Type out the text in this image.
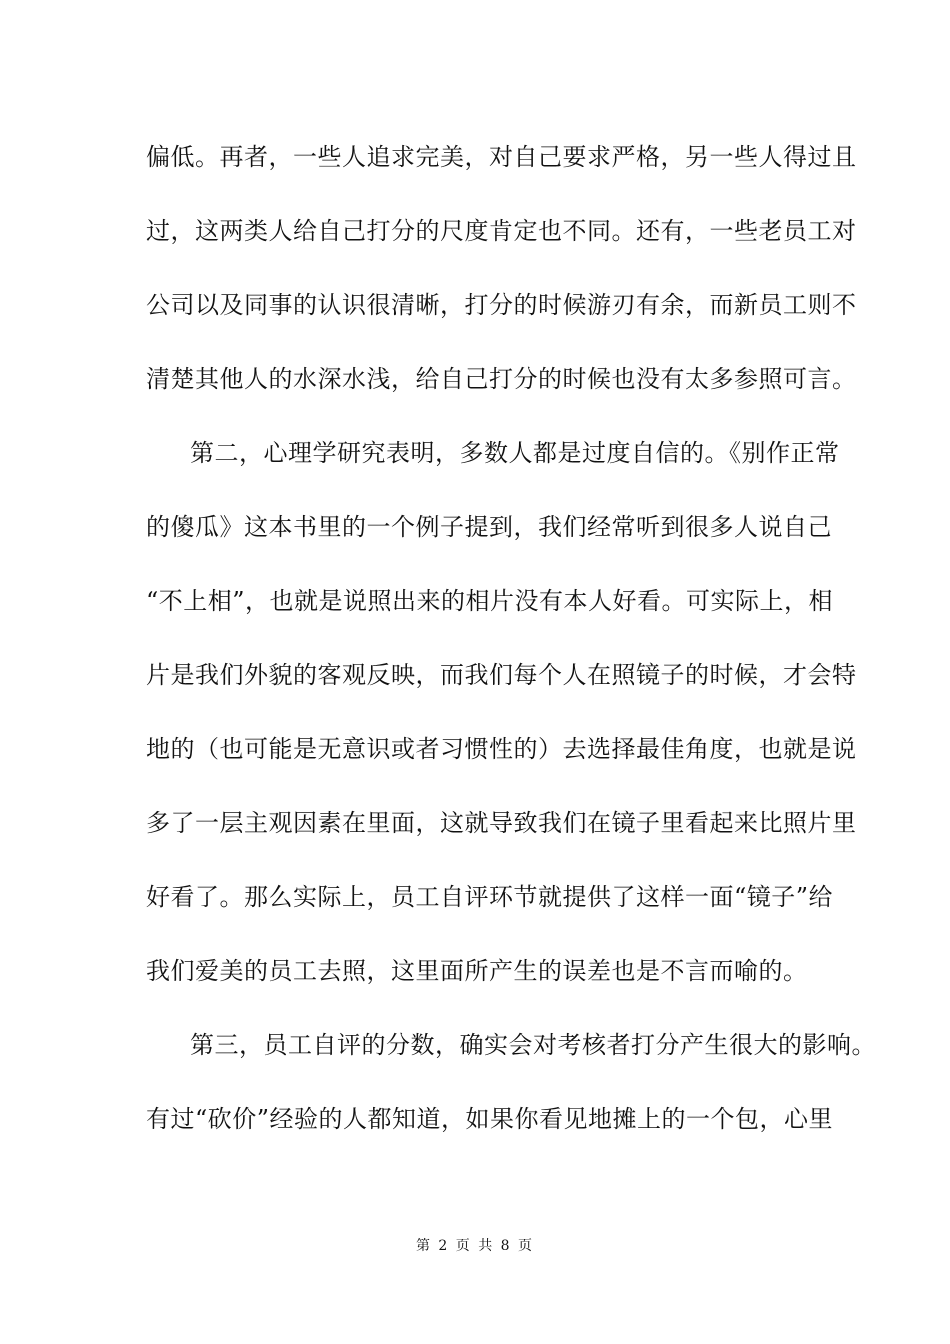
偏低。再者，一些人追求完美，对自己要求严格，另一些人得过且
过，这两类人给自己打分的尺度肯定也不同。还有，一些老员工对
公司以及同事的认识很清晰，打分的时候游刃有余，而新员工则不
清楚其他人的水深水浅，给自己打分的时候也没有太多参照可言。
第二，心理学研究表明，多数人都是过度自信的。《别作正常
的傻瓜》这本书里的一个例子提到，我们经常听到很多人说自己
“不上相”，也就是说照出来的相片没有本人好看。可实际上，相
片是我们外貌的客观反映，而我们每个人在照镜子的时候，才会特
地的（也可能是无意识或者习惯性的）去选择最佳角度，也就是说
多了一层主观因素在里面，这就导致我们在镜子里看起来比照片里
好看了。那么实际上，员工自评环节就提供了这样一面“镜子”给
我们爱美的员工去照，这里面所产生的误差也是不言而喻的。
第三，员工自评的分数，确实会对考核者打分产生很大的影响。
有过“砍价”经验的人都知道，如果你看见地摊上的一个包，心里
第 2 页 共 8 页
